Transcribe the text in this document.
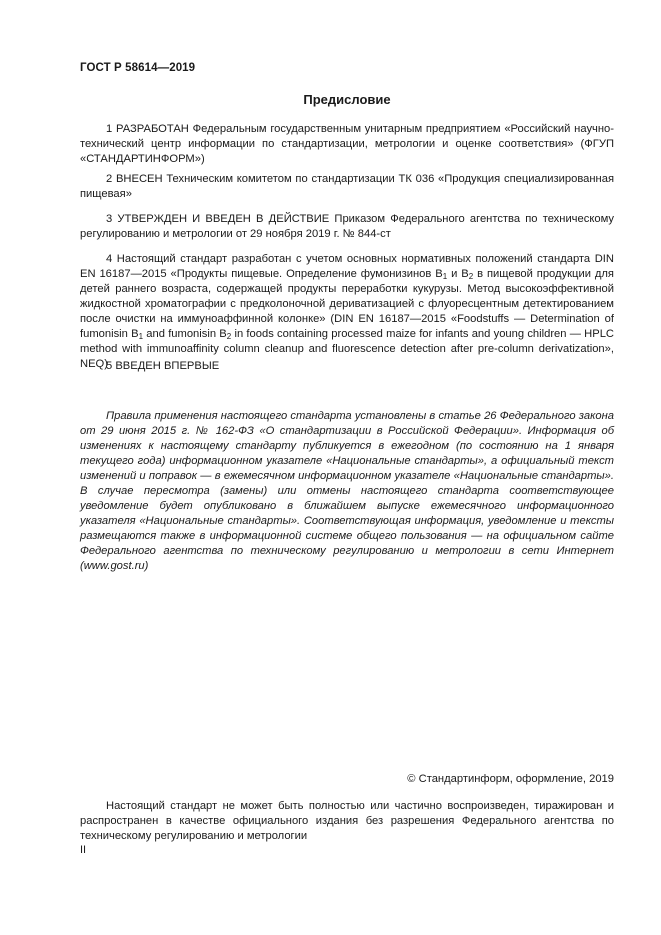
ГОСТ Р 58614—2019
Предисловие
1 РАЗРАБОТАН Федеральным государственным унитарным предприятием «Российский научно-технический центр информации по стандартизации, метрологии и оценке соответствия» (ФГУП «СТАНДАРТИНФОРМ»)
2 ВНЕСЕН Техническим комитетом по стандартизации ТК 036 «Продукция специализированная пищевая»
3 УТВЕРЖДЕН И ВВЕДЕН В ДЕЙСТВИЕ Приказом Федерального агентства по техническому регулированию и метрологии от 29 ноября 2019 г. № 844-ст
4 Настоящий стандарт разработан с учетом основных нормативных положений стандарта DIN EN 16187—2015 «Продукты пищевые. Определение фумонизинов $B_1$ и $B_2$ в пищевой продукции для детей раннего возраста, содержащей продукты переработки кукурузы. Метод высокоэффективной жидкостной хроматографии с предколоночной дериватизацией с флуоресцентным детектированием после очистки на иммуноаффинной колонке» (DIN EN 16187—2015 «Foodstuffs — Determination of fumonisin $B_1$ and fumonisin $B_2$ in foods containing processed maize for infants and young children — HPLC method with immunoaffinity column cleanup and fluorescence detection after pre-column derivatization», NEQ)
5 ВВЕДЕН ВПЕРВЫЕ
Правила применения настоящего стандарта установлены в статье 26 Федерального закона от 29 июня 2015 г. № 162-ФЗ «О стандартизации в Российской Федерации». Информация об изменениях к настоящему стандарту публикуется в ежегодном (по состоянию на 1 января текущего года) информационном указателе «Национальные стандарты», а официальный текст изменений и поправок — в ежемесячном информационном указателе «Национальные стандарты». В случае пересмотра (замены) или отмены настоящего стандарта соответствующее уведомление будет опубликовано в ближайшем выпуске ежемесячного информационного указателя «Национальные стандарты». Соответствующая информация, уведомление и тексты размещаются также в информационной системе общего пользования — на официальном сайте Федерального агентства по техническому регулированию и метрологии в сети Интернет (www.gost.ru)
© Стандартинформ, оформление, 2019
Настоящий стандарт не может быть полностью или частично воспроизведен, тиражирован и распространен в качестве официального издания без разрешения Федерального агентства по техническому регулированию и метрологии
II
